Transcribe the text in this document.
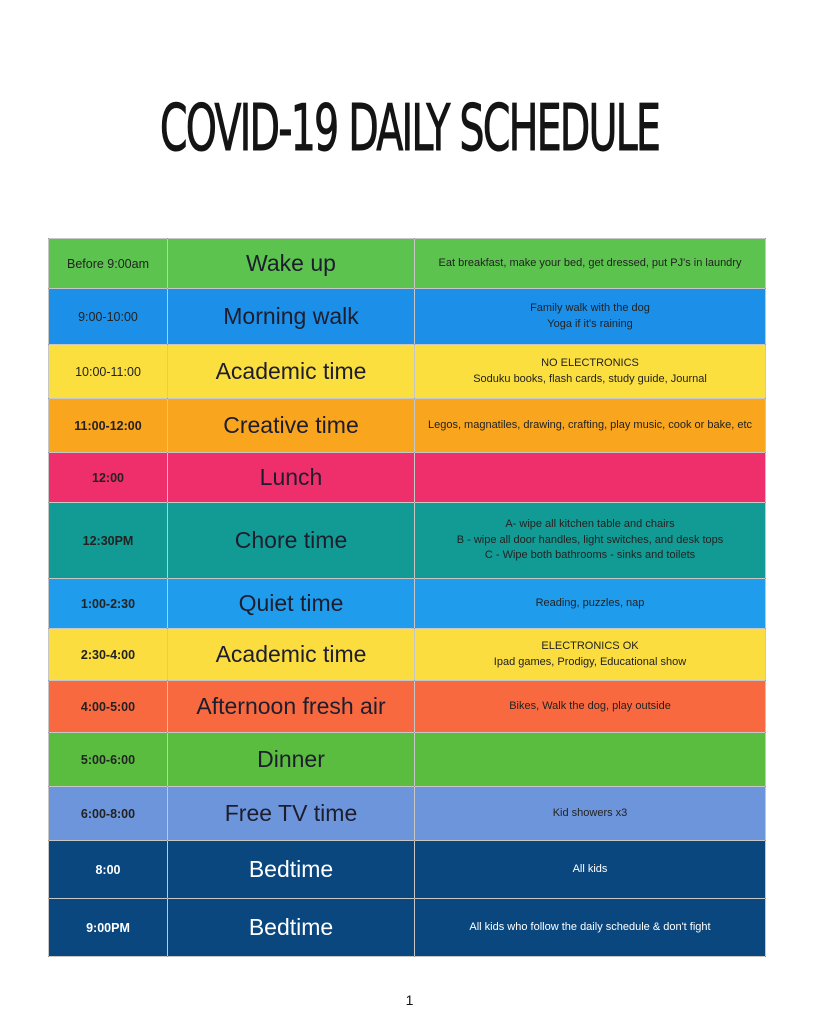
COVID-19 DAILY SCHEDULE
Before 9:00am	Wake up	Eat breakfast, make your bed, get dressed, put PJ's in laundry

9:00-10:00	Morning walk	Family walk with the dog
Yoga if it's raining

10:00-11:00	Academic time	NO ELECTRONICS
Soduku books, flash cards, study guide, Journal

11:00-12:00	Creative time	Legos, magnatiles, drawing, crafting, play music, cook or bake, etc

12:00	Lunch	
12:30PM	Chore time	A- wipe all kitchen table and chairs
B - wipe all door handles, light switches, and desk tops
C - Wipe both bathrooms - sinks and toilets

1:00-2:30	Quiet time	Reading, puzzles, nap

2:30-4:00	Academic time	ELECTRONICS OK
Ipad games, Prodigy, Educational show

4:00-5:00	Afternoon fresh air	Bikes, Walk the dog, play outside

5:00-6:00	Dinner	
6:00-8:00	Free TV time	Kid showers x3

8:00	Bedtime	All kids

9:00PM	Bedtime	All kids who follow the daily schedule & don't fight
1
